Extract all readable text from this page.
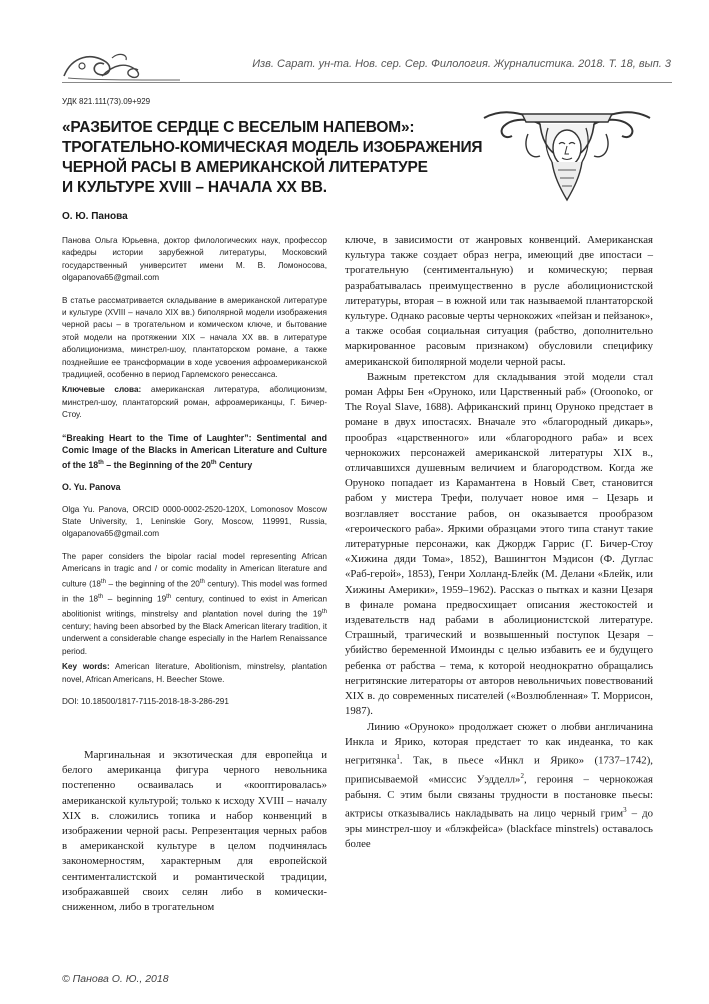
Изв. Сарат. ун-та. Нов. сер. Сер. Филология. Журналистика. 2018. Т. 18, вып. 3
УДК 821.111(73).09+929
«РАЗБИТОЕ СЕРДЦЕ С ВЕСЕЛЫМ НАПЕВОМ»:
ТРОГАТЕЛЬНО-КОМИЧЕСКАЯ МОДЕЛЬ ИЗОБРАЖЕНИЯ
ЧЕРНОЙ РАСЫ В АМЕРИКАНСКОЙ ЛИТЕРАТУРЕ
И КУЛЬТУРЕ XVIII – НАЧАЛА XX ВВ.
О. Ю. Панова

Панова Ольга Юрьевна, доктор филологических наук, профессор кафедры истории зарубежной литературы, Московский государственный университет имени М. В. Ломоносова, olgapanova65@gmail.com

В статье рассматривается складывание в американской литературе и культуре (XVIII – начало XIX вв.) биполярной модели изображения черной расы – в трогательном и комическом ключе, и бытование этой модели на протяжении XIX – начала XX вв. в литературе аболиционизма, минстрел-шоу, плантаторском романе, а также позднейшие ее трансформации в ходе усвоения афроамериканской традицией, особенно в период Гарлемского ренессанса.

Ключевые слова: американская литература, аболиционизм, минстрел-шоу, плантаторский роман, афроамериканцы, Г. Бичер-Стоу.

“Breaking Heart to the Time of Laughter”: Sentimental and Comic Image of the Blacks in American Literature and Culture of the 18th – the Beginning of the 20th Century

O. Yu. Panova

Olga Yu. Panova, ORCID 0000-0002-2520-120X, Lomonosov Moscow State University, 1, Leninskie Gory, Moscow, 119991, Russia, olgapanova65@gmail.com

The paper considers the bipolar racial model representing African Americans in tragic and / or comic modality in American literature and culture (18th – the beginning of the 20th century). This model was formed in the 18th – beginning 19th century, continued to exist in American abolitionist writings, minstrelsy and plantation novel during the 19th century; having been absorbed by the Black American literary tradition, it underwent a considerable change especially in the Harlem Renaissance period.

Key words: American literature, Abolitionism, minstrelsy, plantation novel, African Americans, H. Beecher Stowe.

DOI: 10.18500/1817-7115-2018-18-3-286-291

Маргинальная и экзотическая для европейца и белого американца фигура черного невольника постепенно осваивалась и «кооптировалась» американской культурой; только к исходу XVIII – началу XIX в. сложились топика и набор конвенций в изображении черной расы. Репрезентация черных рабов в американской культуре в целом подчинялась закономерностям, характерным для европейской сентименталистской и романтической традиции, изображавшей своих селян либо в комически-сниженном, либо в трогательном

ключе, в зависимости от жанровых конвенций. Американская культура также создает образ негра, имеющий две ипостаси – трогательную (сентиментальную) и комическую; первая разрабатывалась преимущественно в русле аболиционистской литературы, вторая – в южной или так называемой плантаторской культуре. Однако расовые черты чернокожих «пейзан и пейзанок», а также особая социальная ситуация (рабство, дополнительно маркированное расовым признаком) обусловили специфику американской биполярной модели черной расы.

Важным претекстом для складывания этой модели стал роман Афры Бен «Оруноко, или Царственный раб» (Oroonoko, or The Royal Slave, 1688). Африканский принц Оруноко предстает в романе в двух ипостасях. Вначале это «благородный дикарь», прообраз «царственного» или «благородного раба» и всех чернокожих персонажей американской литературы XIX в., отличавшихся душевным величием и благородством. Когда же Оруноко попадает из Карамантена в Новый Свет, становится рабом у мистера Трефи, получает новое имя – Цезарь и возглавляет восстание рабов, он оказывается прообразом «героического раба». Яркими образцами этого типа станут такие литературные персонажи, как Джордж Гаррис (Г. Бичер-Стоу «Хижина дяди Тома», 1852), Вашингтон Мэдисон (Ф. Дуглас «Раб-герой», 1853), Генри Холланд-Блейк (М. Делани «Блейк, или Хижины Америки», 1959–1962). Рассказ о пытках и казни Цезаря в финале романа предвосхищает описания жестокостей и издевательств над рабами в аболиционистской литературе. Страшный, трагический и возвышенный поступок Цезаря – убийство беременной Имоинды с целью избавить ее и будущего ребенка от рабства – тема, к которой неоднократно обращались негритянские литераторы от авторов невольничьих повествований XIX в. до современных писателей («Возлюбленная» Т. Моррисон, 1987).

Линию «Оруноко» продолжает сюжет о любви англичанина Инкла и Ярико, которая предстает то как индеанка, то как негритянка$^1$. Так, в пьесе «Инкл и Ярико» (1737–1742), приписываемой «миссис Уэдделл»$^2$, героиня – чернокожая рабыня. С этим были связаны трудности в постановке пьесы: актрисы отказывались накладывать на лицо черный грим$^3$ – до эры минстрел-шоу и «блэкфейса» (blackface minstrels) оставалось более

© Панова О. Ю., 2018
